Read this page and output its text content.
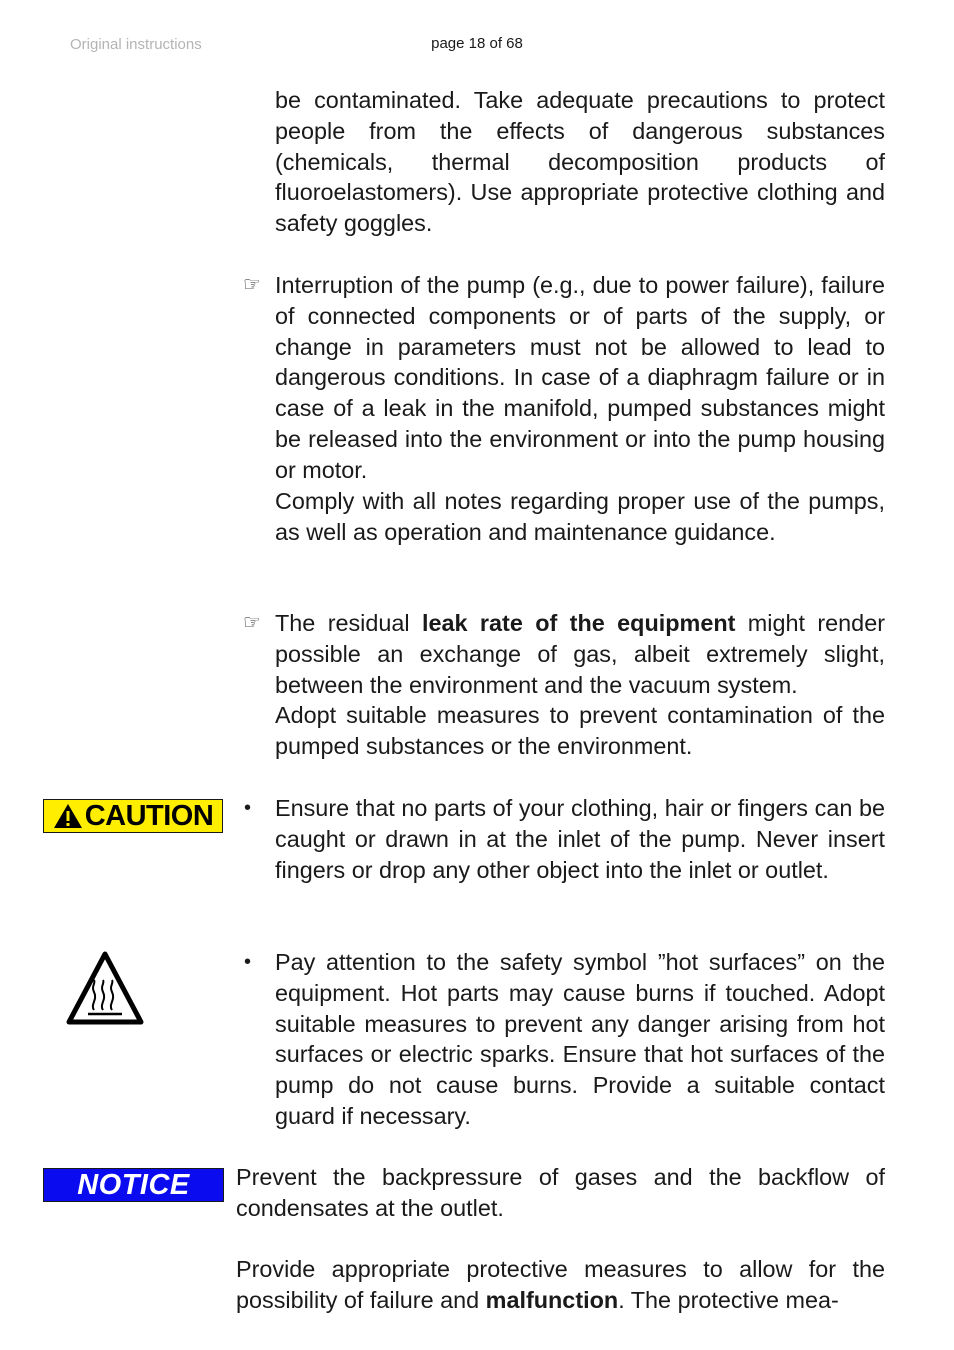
Original instructions	page 18 of 68

be contaminated. Take adequate precautions to protect people from the effects of dangerous substances (chemicals, thermal decomposition products of fluoroelastomers). Use appropriate protective clothing and safety goggles.

☞ Interruption of the pump (e.g., due to power failure), failure of connected components or of parts of the supply, or change in parameters must not be allowed to lead to dangerous conditions. In case of a diaphragm failure or in case of a leak in the manifold, pumped substances might be released into the environment or into the pump housing or motor.

Comply with all notes regarding proper use of the pumps, as well as operation and maintenance guidance.

☞ The residual leak rate of the equipment might render possible an exchange of gas, albeit extremely slight, between the environment and the vacuum system.

Adopt suitable measures to prevent contamination of the pumped substances or the environment.

CAUTION • Ensure that no parts of your clothing, hair or fingers can be caught or drawn in at the inlet of the pump. Never insert fingers or drop any other object into the inlet or outlet.

• Pay attention to the safety symbol ”hot surfaces” on the equipment. Hot parts may cause burns if touched. Adopt suitable measures to prevent any danger arising from hot surfaces or electric sparks. Ensure that hot surfaces of the pump do not cause burns. Provide a suitable contact guard if necessary.

NOTICE Prevent the backpressure of gases and the backflow of condensates at the outlet.

Provide appropriate protective measures to allow for the possibility of failure and malfunction. The protective mea-
